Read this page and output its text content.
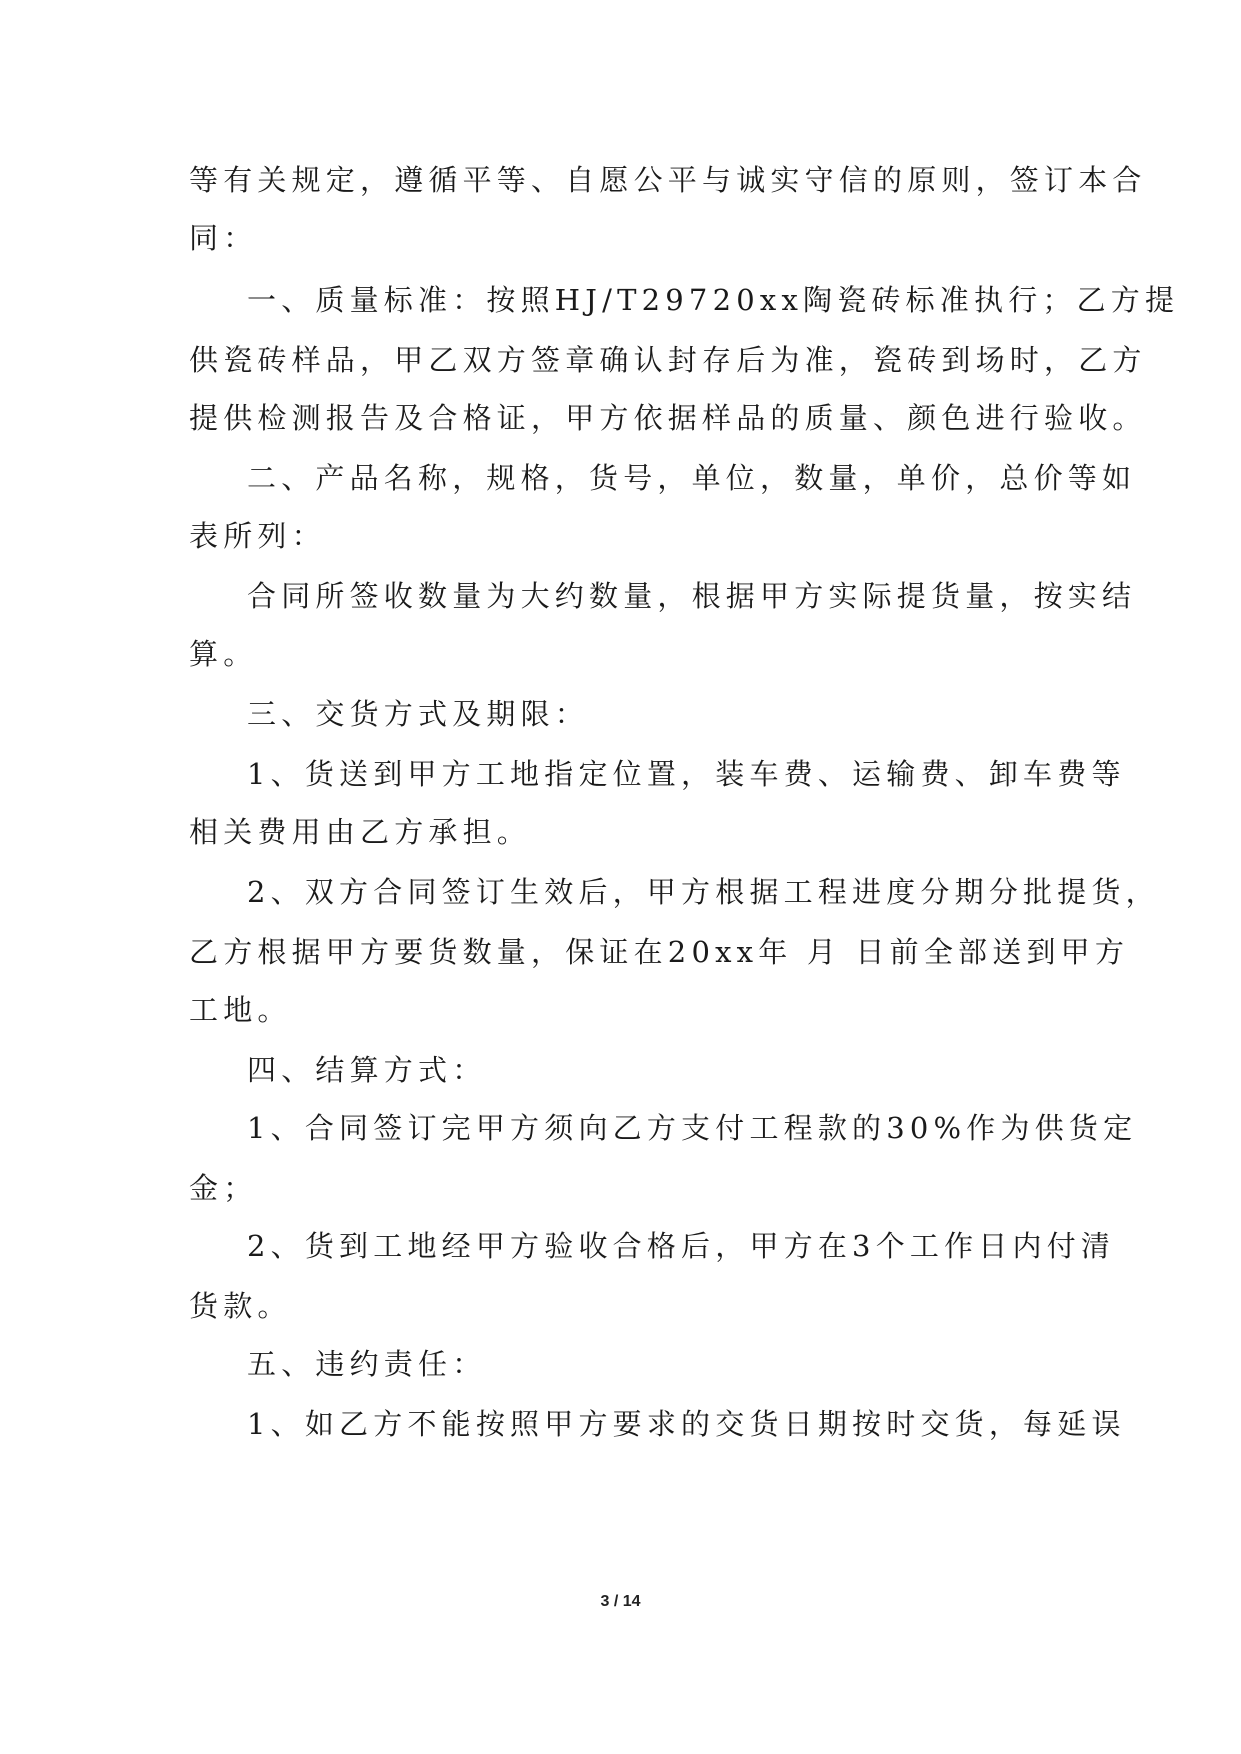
等有关规定，遵循平等、自愿公平与诚实守信的原则，签订本合
同：
一、质量标准：按照HJ/T29720xx陶瓷砖标准执行；乙方提
供瓷砖样品，甲乙双方签章确认封存后为准，瓷砖到场时，乙方
提供检测报告及合格证，甲方依据样品的质量、颜色进行验收。
二、产品名称，规格，货号，单位，数量，单价，总价等如
表所列：
合同所签收数量为大约数量，根据甲方实际提货量，按实结
算。
三、交货方式及期限：
1、货送到甲方工地指定位置，装车费、运输费、卸车费等
相关费用由乙方承担。
2、双方合同签订生效后，甲方根据工程进度分期分批提货，
乙方根据甲方要货数量，保证在20xx年 月 日前全部送到甲方
工地。
四、结算方式：
1、合同签订完甲方须向乙方支付工程款的30%作为供货定
金；
2、货到工地经甲方验收合格后，甲方在3个工作日内付清
货款。
五、违约责任：
1、如乙方不能按照甲方要求的交货日期按时交货，每延误
3 / 14
